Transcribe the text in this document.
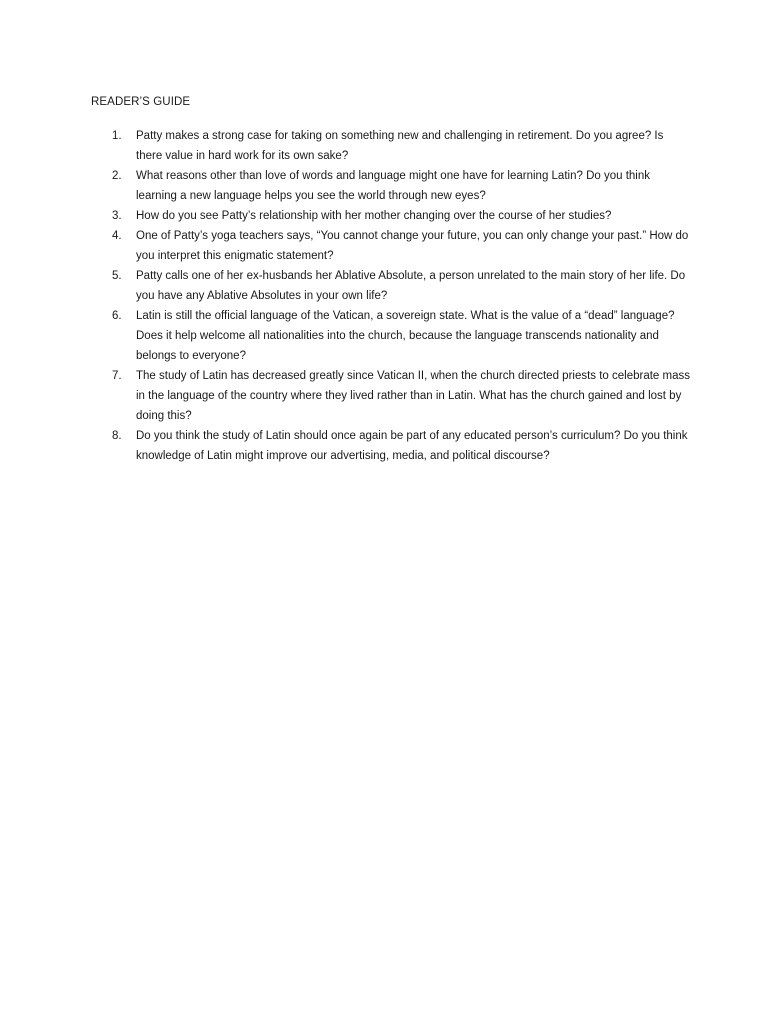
READER’S GUIDE
1. Patty makes a strong case for taking on something new and challenging in retirement. Do you agree? Is there value in hard work for its own sake?
2. What reasons other than love of words and language might one have for learning Latin? Do you think learning a new language helps you see the world through new eyes?
3. How do you see Patty’s relationship with her mother changing over the course of her studies?
4. One of Patty’s yoga teachers says, “You cannot change your future, you can only change your past.” How do you interpret this enigmatic statement?
5. Patty calls one of her ex-husbands her Ablative Absolute, a person unrelated to the main story of her life. Do you have any Ablative Absolutes in your own life?
6. Latin is still the official language of the Vatican, a sovereign state. What is the value of a “dead” language? Does it help welcome all nationalities into the church, because the language transcends nationality and belongs to everyone?
7. The study of Latin has decreased greatly since Vatican II, when the church directed priests to celebrate mass in the language of the country where they lived rather than in Latin. What has the church gained and lost by doing this?
8. Do you think the study of Latin should once again be part of any educated person’s curriculum? Do you think knowledge of Latin might improve our advertising, media, and political discourse?
